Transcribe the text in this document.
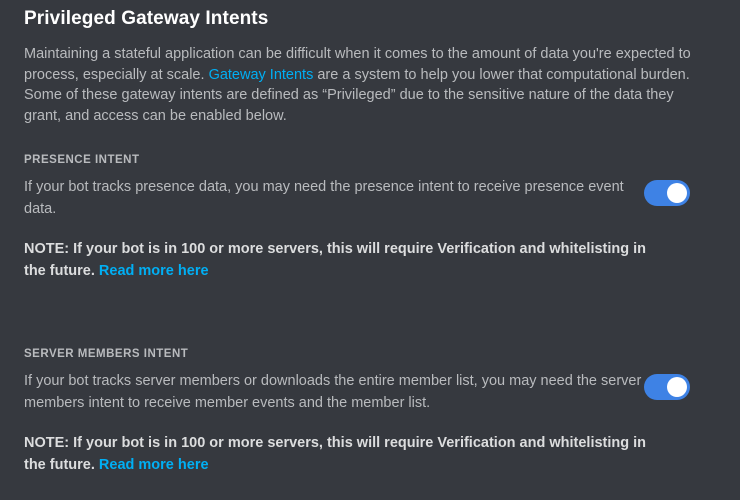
Privileged Gateway Intents

Maintaining a stateful application can be difficult when it comes to the amount of data you're expected to process, especially at scale. Gateway Intents are a system to help you lower that computational burden. Some of these gateway intents are defined as “Privileged” due to the sensitive nature of the data they grant, and access can be enabled below.

PRESENCE INTENT

If your bot tracks presence data, you may need the presence intent to receive presence event data.

NOTE: If your bot is in 100 or more servers, this will require Verification and whitelisting in the future. Read more here
SERVER MEMBERS INTENT

If your bot tracks server members or downloads the entire member list, you may need the server members intent to receive member events and the member list.

NOTE: If your bot is in 100 or more servers, this will require Verification and whitelisting in the future. Read more here
